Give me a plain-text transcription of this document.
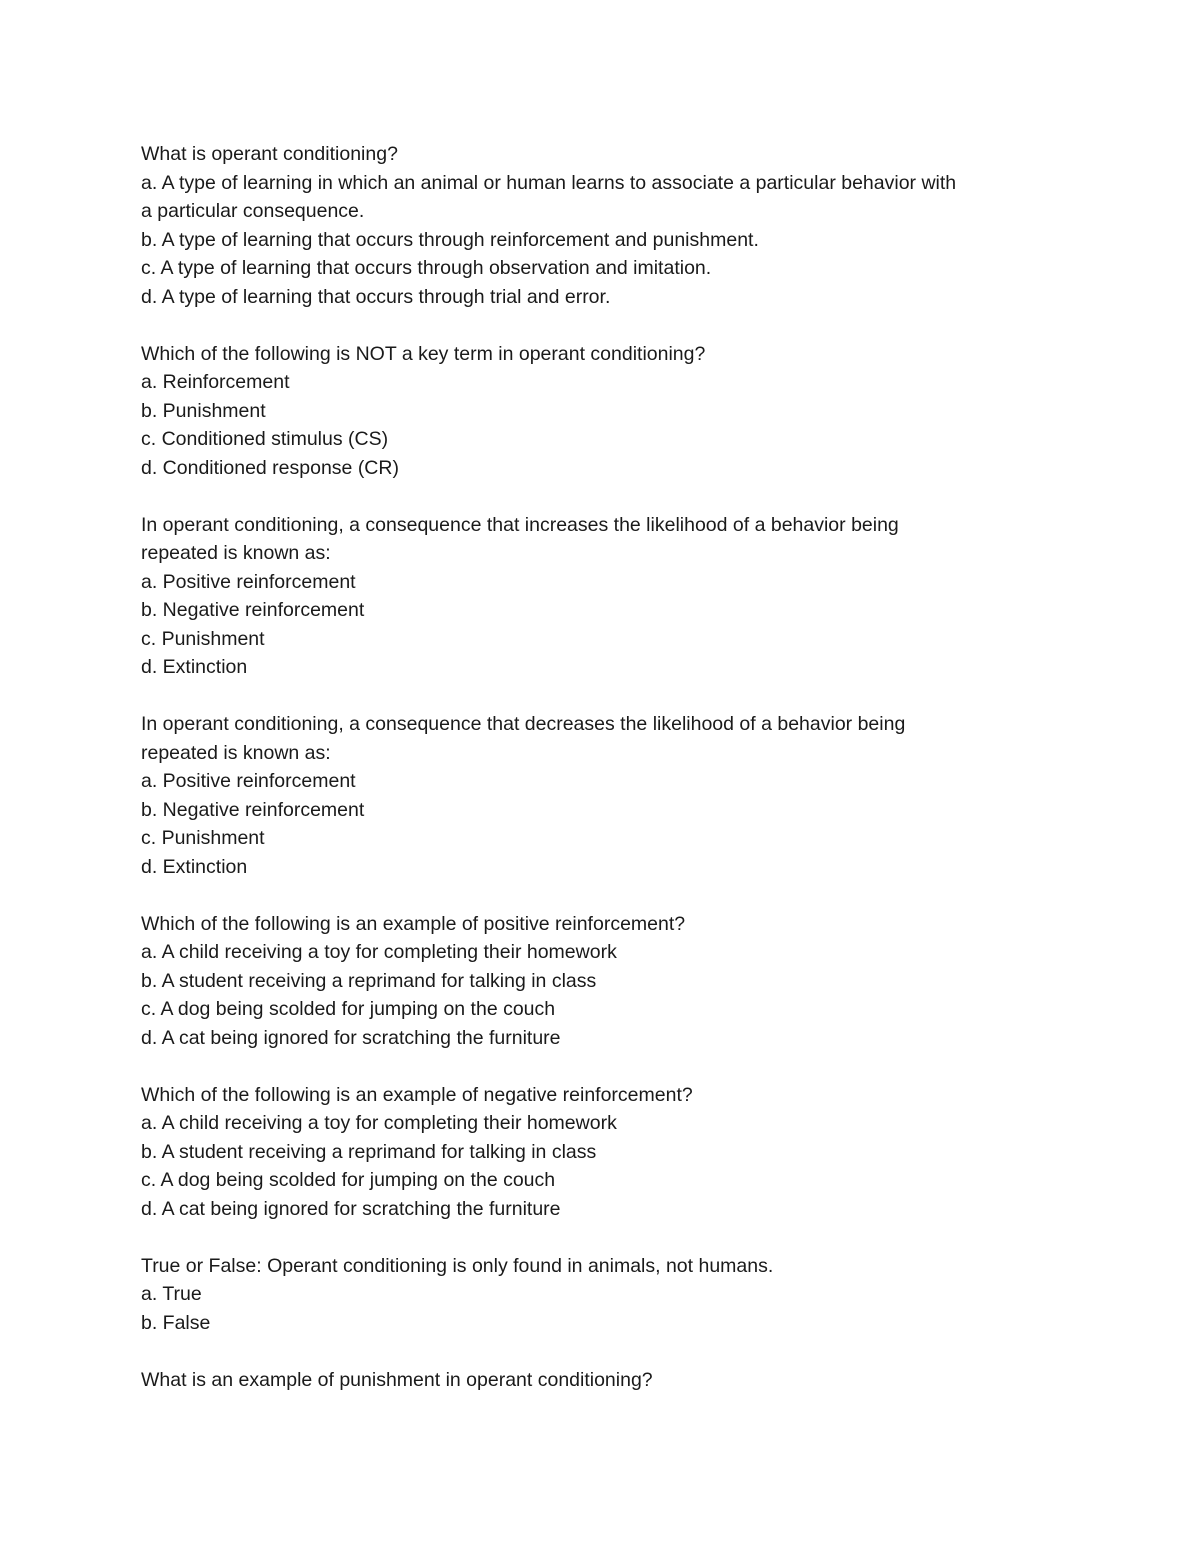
What is operant conditioning?
a. A type of learning in which an animal or human learns to associate a particular behavior with
a particular consequence.
b. A type of learning that occurs through reinforcement and punishment.
c. A type of learning that occurs through observation and imitation.
d. A type of learning that occurs through trial and error.
Which of the following is NOT a key term in operant conditioning?
a. Reinforcement
b. Punishment
c. Conditioned stimulus (CS)
d. Conditioned response (CR)
In operant conditioning, a consequence that increases the likelihood of a behavior being
repeated is known as:
a. Positive reinforcement
b. Negative reinforcement
c. Punishment
d. Extinction
In operant conditioning, a consequence that decreases the likelihood of a behavior being
repeated is known as:
a. Positive reinforcement
b. Negative reinforcement
c. Punishment
d. Extinction
Which of the following is an example of positive reinforcement?
a. A child receiving a toy for completing their homework
b. A student receiving a reprimand for talking in class
c. A dog being scolded for jumping on the couch
d. A cat being ignored for scratching the furniture
Which of the following is an example of negative reinforcement?
a. A child receiving a toy for completing their homework
b. A student receiving a reprimand for talking in class
c. A dog being scolded for jumping on the couch
d. A cat being ignored for scratching the furniture
True or False: Operant conditioning is only found in animals, not humans.
a. True
b. False
What is an example of punishment in operant conditioning?
